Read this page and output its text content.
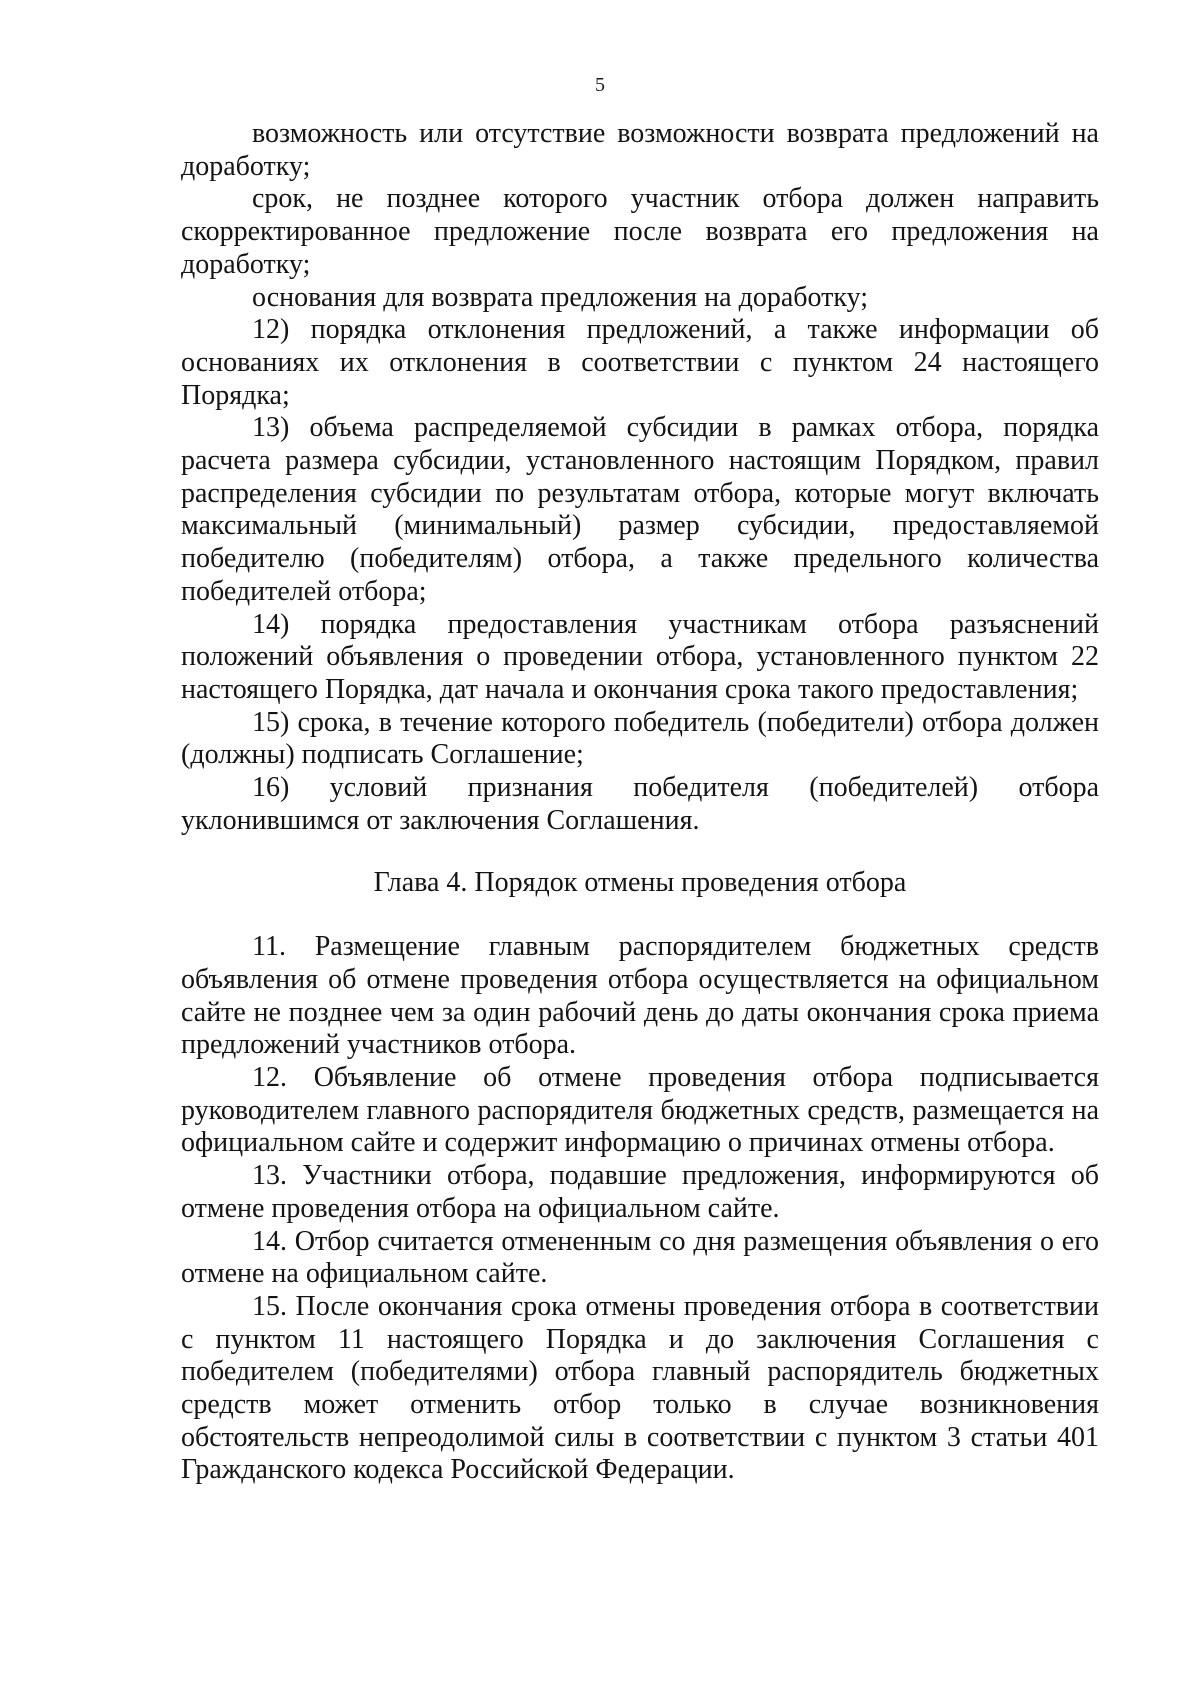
5

возможность или отсутствие возможности возврата предложений на доработку;

срок, не позднее которого участник отбора должен направить скорректированное предложение после возврата его предложения на доработку;

основания для возврата предложения на доработку;

12) порядка отклонения предложений, а также информации об основаниях их отклонения в соответствии с пунктом 24 настоящего Порядка;

13) объема распределяемой субсидии в рамках отбора, порядка расчета размера субсидии, установленного настоящим Порядком, правил распределения субсидии по результатам отбора, которые могут включать максимальный (минимальный) размер субсидии, предоставляемой победителю (победителям) отбора, а также предельного количества победителей отбора;

14) порядка предоставления участникам отбора разъяснений положений объявления о проведении отбора, установленного пунктом 22 настоящего Порядка, дат начала и окончания срока такого предоставления;

15) срока, в течение которого победитель (победители) отбора должен (должны) подписать Соглашение;

16) условий признания победителя (победителей) отбора уклонившимся от заключения Соглашения.

Глава 4. Порядок отмены проведения отбора

11. Размещение главным распорядителем бюджетных средств объявления об отмене проведения отбора осуществляется на официальном сайте не позднее чем за один рабочий день до даты окончания срока приема предложений участников отбора.

12. Объявление об отмене проведения отбора подписывается руководителем главного распорядителя бюджетных средств, размещается на официальном сайте и содержит информацию о причинах отмены отбора.

13. Участники отбора, подавшие предложения, информируются об отмене проведения отбора на официальном сайте.

14. Отбор считается отмененным со дня размещения объявления о его отмене на официальном сайте.

15. После окончания срока отмены проведения отбора в соответствии с пунктом 11 настоящего Порядка и до заключения Соглашения с победителем (победителями) отбора главный распорядитель бюджетных средств может отменить отбор только в случае возникновения обстоятельств непреодолимой силы в соответствии с пунктом 3 статьи 401 Гражданского кодекса Российской Федерации.
